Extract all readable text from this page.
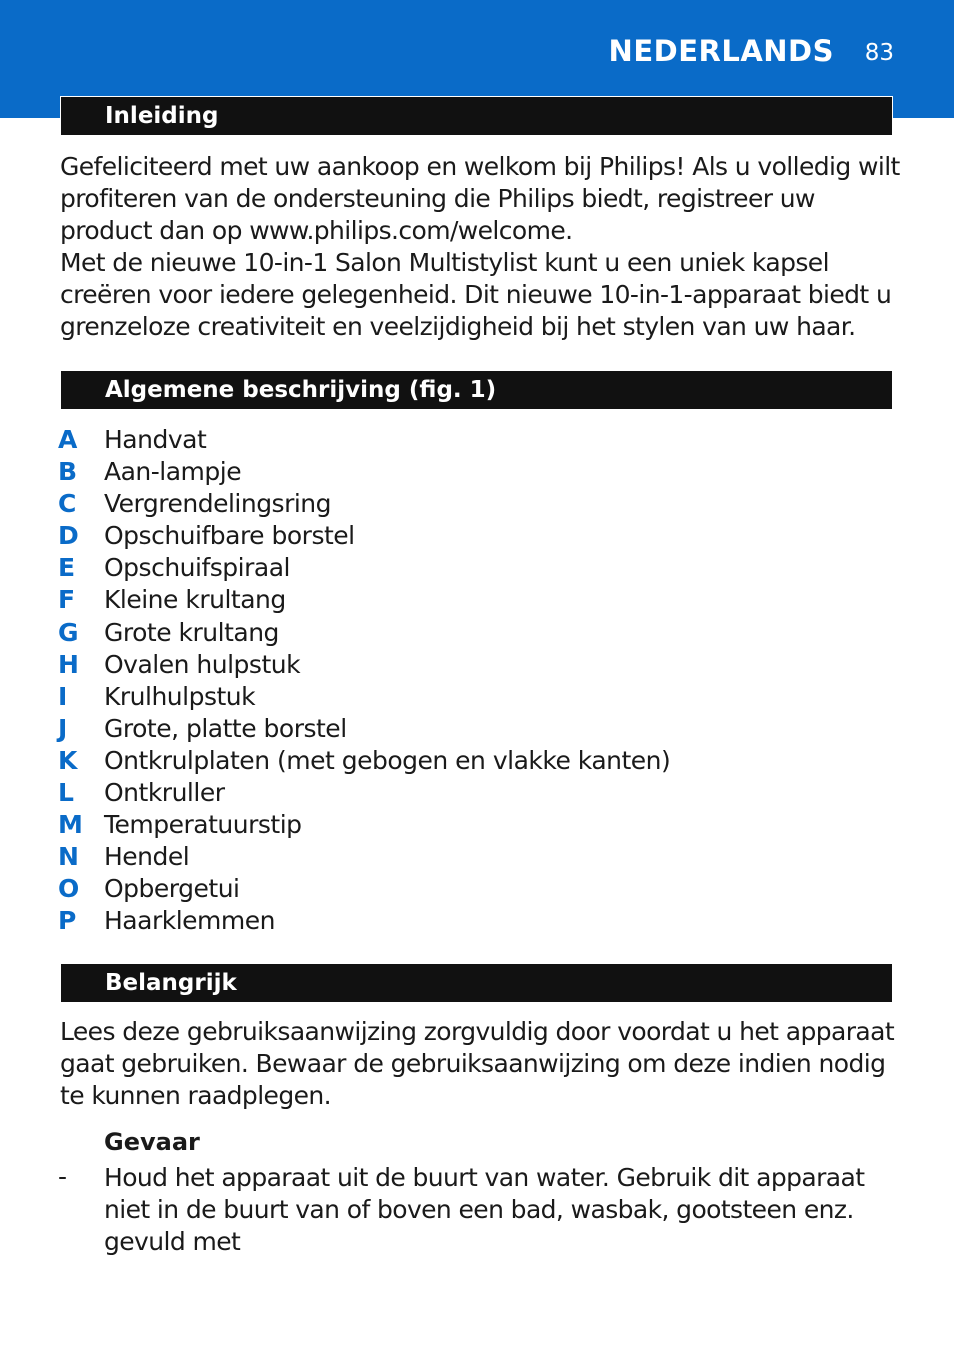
NEDERLANDS 83
Inleiding

Gefeliciteerd met uw aankoop en welkom bij Philips! Als u volledig wilt profiteren van de ondersteuning die Philips biedt, registreer uw product dan op www.philips.com/welcome.
Met de nieuwe 10-in-1 Salon Multistylist kunt u een uniek kapsel creëren voor iedere gelegenheid. Dit nieuwe 10-in-1-apparaat biedt u grenzeloze creativiteit en veelzijdigheid bij het stylen van uw haar.

Algemene beschrijving (fig. 1)
A Handvat
B Aan-lampje
C Vergrendelingsring
D Opschuifbare borstel
E Opschuifspiraal
F Kleine krultang
G Grote krultang
H Ovalen hulpstuk
I Krulhulpstuk
J Grote, platte borstel
K Ontkrulplaten (met gebogen en vlakke kanten)
L Ontkruller
M Temperatuurstip
N Hendel
O Opbergetui
P Haarklemmen
Belangrijk

Lees deze gebruiksaanwijzing zorgvuldig door voordat u het apparaat gaat gebruiken. Bewaar de gebruiksaanwijzing om deze indien nodig te kunnen raadplegen.

Gevaar
- Houd het apparaat uit de buurt van water. Gebruik dit apparaat niet in de buurt van of boven een bad, wasbak, gootsteen enz. gevuld met
